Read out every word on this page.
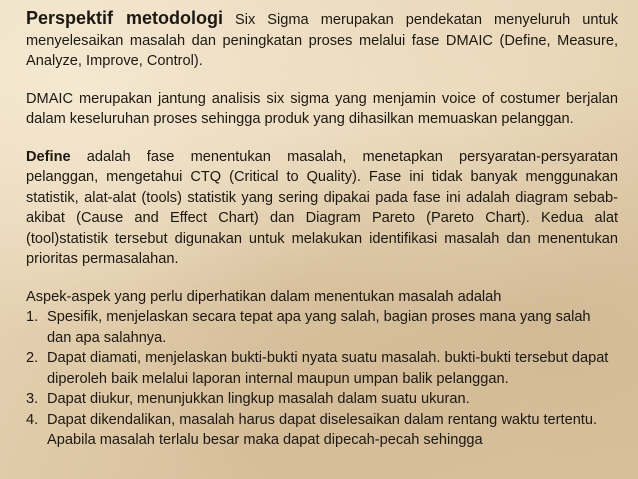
Perspektif metodologi Six Sigma merupakan pendekatan menyeluruh untuk menyelesaikan masalah dan peningkatan proses melalui fase DMAIC (Define, Measure, Analyze, Improve, Control).

DMAIC merupakan jantung analisis six sigma yang menjamin voice of costumer berjalan dalam keseluruhan proses sehingga produk yang dihasilkan memuaskan pelanggan.

Define adalah fase menentukan masalah, menetapkan persyaratan-persyaratan pelanggan, mengetahui CTQ (Critical to Quality). Fase ini tidak banyak menggunakan statistik, alat-alat (tools) statistik yang sering dipakai pada fase ini adalah diagram sebab-akibat (Cause and Effect Chart) dan Diagram Pareto (Pareto Chart). Kedua alat (tool)statistik tersebut digunakan untuk melakukan identifikasi masalah dan menentukan prioritas permasalahan.

Aspek-aspek yang perlu diperhatikan dalam menentukan masalah adalah

1. Spesifik, menjelaskan secara tepat apa yang salah, bagian proses mana yang salah dan apa salahnya.
2. Dapat diamati, menjelaskan bukti-bukti nyata suatu masalah. bukti-bukti tersebut dapat diperoleh baik melalui laporan internal maupun umpan balik pelanggan.
3. Dapat diukur, menunjukkan lingkup masalah dalam suatu ukuran.
4. Dapat dikendalikan, masalah harus dapat diselesaikan dalam rentang waktu tertentu. Apabila masalah terlalu besar maka dapat dipecah-pecah sehingga
